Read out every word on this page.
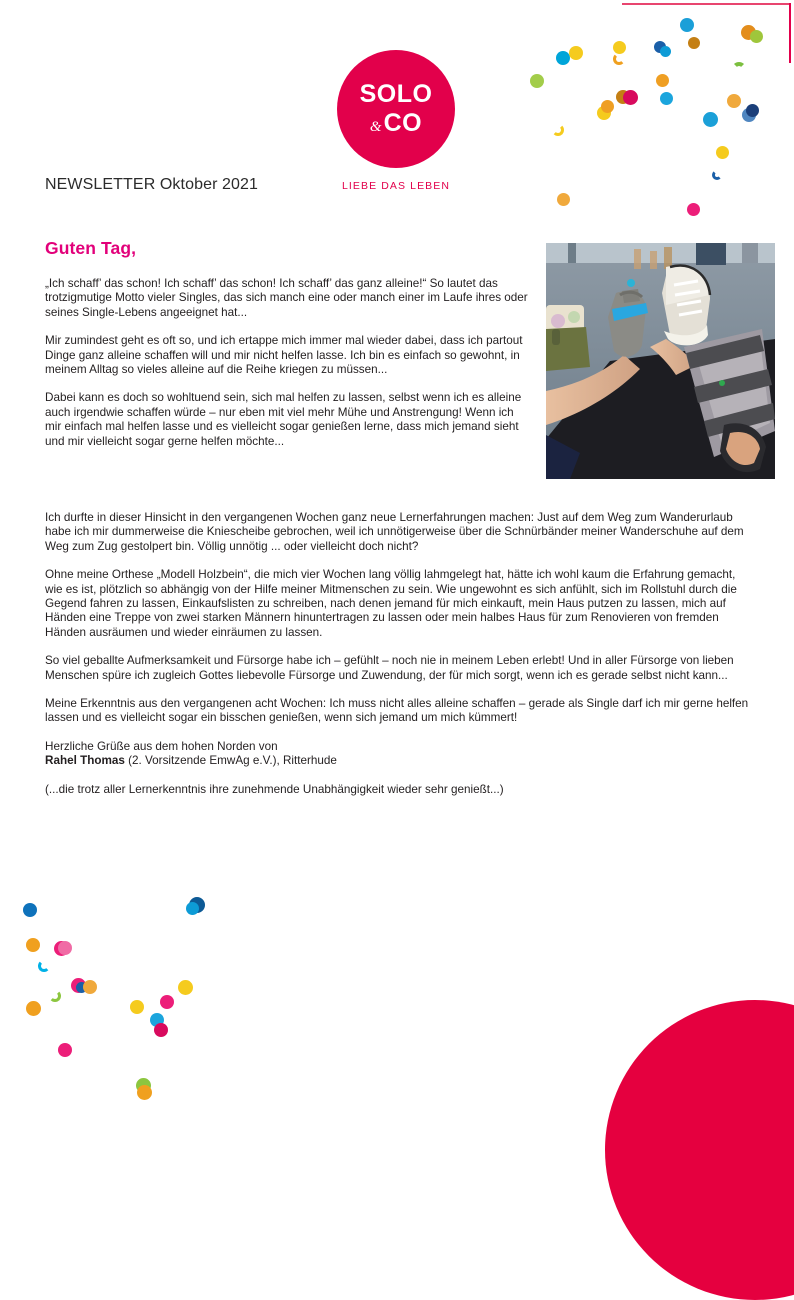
SOLO
& CO
LIEBE DAS LEBEN
NEWSLETTER Oktober 2021
Guten Tag,

„Ich schaff’ das schon! Ich schaff’ das schon! Ich schaff’ das ganz alleine!“ So lautet das trotzigmutige Motto vieler Singles, das sich manch eine oder manch einer im Laufe ihres oder seines Single-Lebens angeeignet hat...

Mir zumindest geht es oft so, und ich ertappe mich immer mal wieder dabei, dass ich partout Dinge ganz alleine schaffen will und mir nicht helfen lasse. Ich bin es einfach so gewohnt, in meinem Alltag so vieles alleine auf die Reihe kriegen zu müssen...

Dabei kann es doch so wohltuend sein, sich mal helfen zu lassen, selbst wenn ich es alleine auch irgendwie schaffen würde – nur eben mit viel mehr Mühe und Anstrengung! Wenn ich mir einfach mal helfen lasse und es vielleicht sogar genießen lerne, dass mich jemand sieht und mir vielleicht sogar gerne helfen möchte...

Ich durfte in dieser Hinsicht in den vergangenen Wochen ganz neue Lernerfahrungen machen: Just auf dem Weg zum Wanderurlaub habe ich mir dummerweise die Kniescheibe gebrochen, weil ich unnötigerweise über die Schnürbänder meiner Wanderschuhe auf dem Weg zum Zug gestolpert bin. Völlig unnötig ... oder vielleicht doch nicht?

Ohne meine Orthese „Modell Holzbein“, die mich vier Wochen lang völlig lahmgelegt hat, hätte ich wohl kaum die Erfahrung gemacht, wie es ist, plötzlich so abhängig von der Hilfe meiner Mitmenschen zu sein. Wie ungewohnt es sich anfühlt, sich im Rollstuhl durch die Gegend fahren zu lassen, Einkaufslisten zu schreiben, nach denen jemand für mich einkauft, mein Haus putzen zu lassen, mich auf Händen eine Treppe von zwei starken Männern hinuntertragen zu lassen oder mein halbes Haus für zum Renovieren von fremden Händen ausräumen und wieder einräumen zu lassen.

So viel geballte Aufmerksamkeit und Fürsorge habe ich – gefühlt – noch nie in meinem Leben erlebt! Und in aller Fürsorge von lieben Menschen spüre ich zugleich Gottes liebevolle Fürsorge und Zuwendung, der für mich sorgt, wenn ich es gerade selbst nicht kann...

Meine Erkenntnis aus den vergangenen acht Wochen: Ich muss nicht alles alleine schaffen – gerade als Single darf ich mir gerne helfen lassen und es vielleicht sogar ein bisschen genießen, wenn sich jemand um mich kümmert!

Herzliche Grüße aus dem hohen Norden von
Rahel Thomas (2. Vorsitzende EmwAg e.V.), Ritterhude

(...die trotz aller Lernerkenntnis ihre zunehmende Unabhängigkeit wieder sehr genießt...)
